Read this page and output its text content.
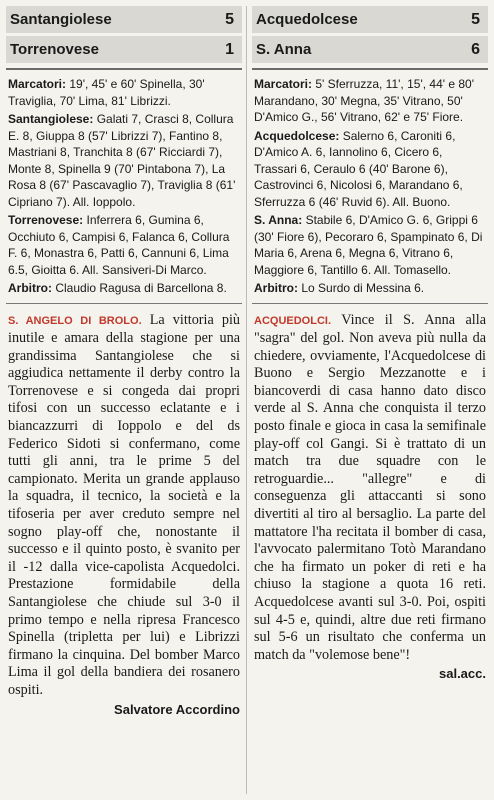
Santangiolese	5
Torrenovese	1

Marcatori: 19', 45' e 60' Spinella, 30' Traviglia, 70' Lima, 81' Librizzi.

Santangiolese: Galati 7, Crasci 8, Collura E. 8, Giuppa 8 (57' Librizzi 7), Fantino 8, Mastriani 8, Tranchita 8 (67' Ricciardi 7), Monte 8, Spinella 9 (70' Pintabona 7), La Rosa 8 (67' Pascavaglio 7), Traviglia 8 (61' Cipriano 7). All. Ioppolo.

Torrenovese: Inferrera 6, Gumina 6, Occhiuto 6, Campisi 6, Falanca 6, Collura F. 6, Monastra 6, Patti 6, Cannuni 6, Lima 6.5, Gioitta 6. All. Sansiveri-Di Marco.

Arbitro: Claudio Ragusa di Barcellona 8.

S. ANGELO DI BROLO. La vittoria più inutile e amara della stagione per una grandissima Santangiolese che si aggiudica nettamente il derby contro la Torrenovese e si congeda dai propri tifosi con un successo eclatante e i biancazzurri di Ioppolo e del ds Federico Sidoti si confermano, come tutti gli anni, tra le prime 5 del campionato. Merita un grande applauso la squadra, il tecnico, la società e la tifoseria per aver creduto sempre nel sogno play-off che, nonostante il successo e il quinto posto, è svanito per il -12 dalla vice-capolista Acquedolci. Prestazione formidabile della Santangiolese che chiude sul 3-0 il primo tempo e nella ripresa Francesco Spinella (tripletta per lui) e Librizzi firmano la cinquina. Del bomber Marco Lima il gol della bandiera dei rosanero ospiti.
Salvatore Accordino
Acquedolcese	5
S. Anna	6

Marcatori: 5' Sferruzza, 11', 15', 44' e 80' Marandano, 30' Megna, 35' Vitrano, 50' D'Amico G., 56' Vitrano, 62' e 75' Fiore.

Acquedolcese: Salerno 6, Caroniti 6, D'Amico A. 6, Iannolino 6, Cicero 6, Trassari 6, Ceraulo 6 (40' Barone 6), Castrovinci 6, Nicolosi 6, Marandano 6, Sferruzza 6 (46' Ruvid 6). All. Buono.

S. Anna: Stabile 6, D'Amico G. 6, Grippi 6 (30' Fiore 6), Pecoraro 6, Spampinato 6, Di Maria 6, Arena 6, Megna 6, Vitrano 6, Maggiore 6, Tantillo 6. All. Tomasello.

Arbitro: Lo Surdo di Messina 6.

ACQUEDOLCI. Vince il S. Anna alla "sagra" del gol. Non aveva più nulla da chiedere, ovviamente, l'Acquedolcese di Buono e Sergio Mezzanotte e i biancoverdi di casa hanno dato disco verde al S. Anna che conquista il terzo posto finale e gioca in casa la semifinale play-off col Gangi. Si è trattato di un match tra due squadre con le retroguardie... "allegre" e di conseguenza gli attaccanti si sono divertiti al tiro al bersaglio. La parte del mattatore l'ha recitata il bomber di casa, l'avvocato palermitano Totò Marandano che ha firmato un poker di reti e ha chiuso la stagione a quota 16 reti. Acquedolcese avanti sul 3-0. Poi, ospiti sul 4-5 e, quindi, altre due reti firmano sul 5-6 un risultato che conferma un match da "volemose bene"!
sal.acc.
